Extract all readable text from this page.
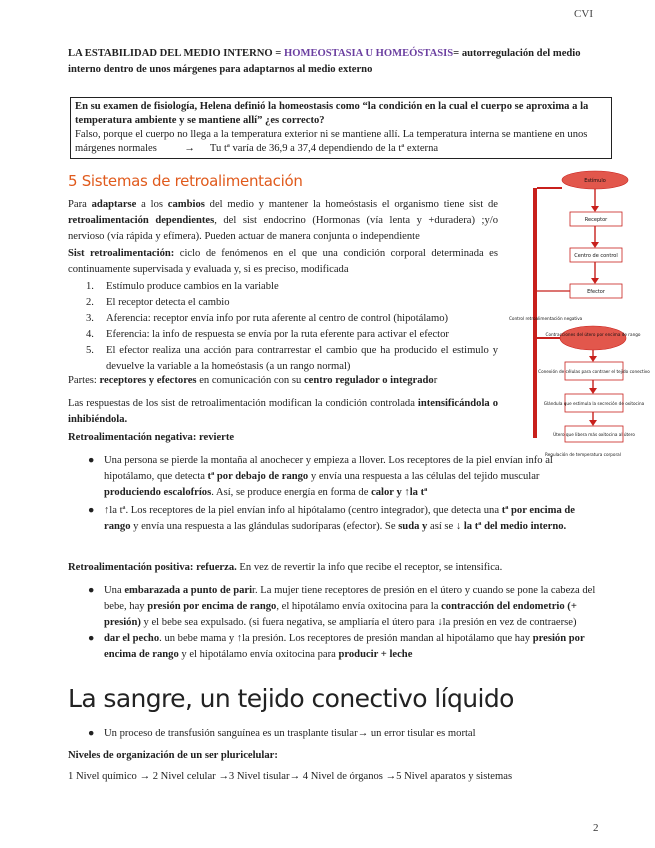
CVI
LA ESTABILIDAD DEL MEDIO INTERNO = HOMEOSTASIA U HOMEÓSTASIS= autorregulación del medio interno dentro de unos márgenes para adaptarnos al medio externo
En su examen de fisiología, Helena definió la homeostasis como “la condición en la cual el cuerpo se aproxima a la temperatura ambiente y se mantiene allí” ¿es correcto?
Falso, porque el cuerpo no llega a la temperatura exterior ni se mantiene allí. La temperatura interna se mantiene en unos márgenes normales	→ Tu tª varía de 36,9 a 37,4 dependiendo de la tª externa
5 Sistemas de retroalimentación
Para adaptarse a los cambios del medio y mantener la homeóstasis el organismo tiene sist de retroalimentación dependientes, del sist endocrino (Hormonas (vía lenta y +duradera) ;y/o nervioso (vía rápida y efímera). Pueden actuar de manera conjunta o independiente
Sist retroalimentación: ciclo de fenómenos en el que una condición corporal determinada es continuamente supervisada y evaluada y, si es preciso, modificada
1. Estímulo produce cambios en la variable
2. El receptor detecta el cambio
3. Aferencia: receptor envía info por ruta aferente al centro de control (hipotálamo)
4. Eferencia: la info de respuesta se envía por la ruta eferente para activar el efector
5. El efector realiza una acción para contrarrestar el cambio que ha producido el estimulo y devuelve la variable a la homeóstasis (a un rango normal)
Partes: receptores y efectores en comunicación con su centro regulador o integrador
Las respuestas de los sist de retroalimentación modifican la condición controlada intensificándola o inhibiéndola.
Retroalimentación negativa: revierte
● Una persona se pierde la montaña al anochecer y empieza a llover. Los receptores de la piel envían info al hipotálamo, que detecta tª por debajo de rango y envía una respuesta a las células del tejido muscular produciendo escalofríos. Así, se produce energía en forma de calor y ↑la tª
● ↑la tª. Los receptores de la piel envían info al hipótalamo (centro integrador), que detecta una tª por encima de rango y envía una respuesta a las glándulas sudoríparas (efector). Se suda y así se ↓ la tª del medio interno.
Retroalimentación positiva: refuerza. En vez de revertir la info que recibe el receptor, se intensifica.
● Una embarazada a punto de parir. La mujer tiene receptores de presión en el útero y cuando se pone la cabeza del bebe, hay presión por encima de rango, el hipotálamo envía oxitocina para la contracción del endometrio (+ presión) y el bebe sea expulsado. (si fuera negativa, se ampliaría el útero para ↓la presión en vez de contraerse)
● dar el pecho. un bebe mama y ↑la presión. Los receptores de presión mandan al hipotálamo que hay presión por encima de rango y el hipotálamo envía oxitocina para producir + leche
La sangre, un tejido conectivo líquido
● Un proceso de transfusión sanguínea es un trasplante tisular→ un error tisular es mortal
Niveles de organización de un ser pluricelular:
1 Nivel químico → 2 Nivel celular →3 Nivel tisular→ 4 Nivel de órganos →5 Nivel aparatos y sistemas
2
Estímulo
Receptor
Centro de control
Efector
Control retroalimentación negativa
Contracciones del útero por encima de rango
Conexión de células para contraer el tejido conectivo
Glándula que estimula la secreción de oxitocina
Útero que libera más oxitocina al útero
Regulación de temperatura corporal
